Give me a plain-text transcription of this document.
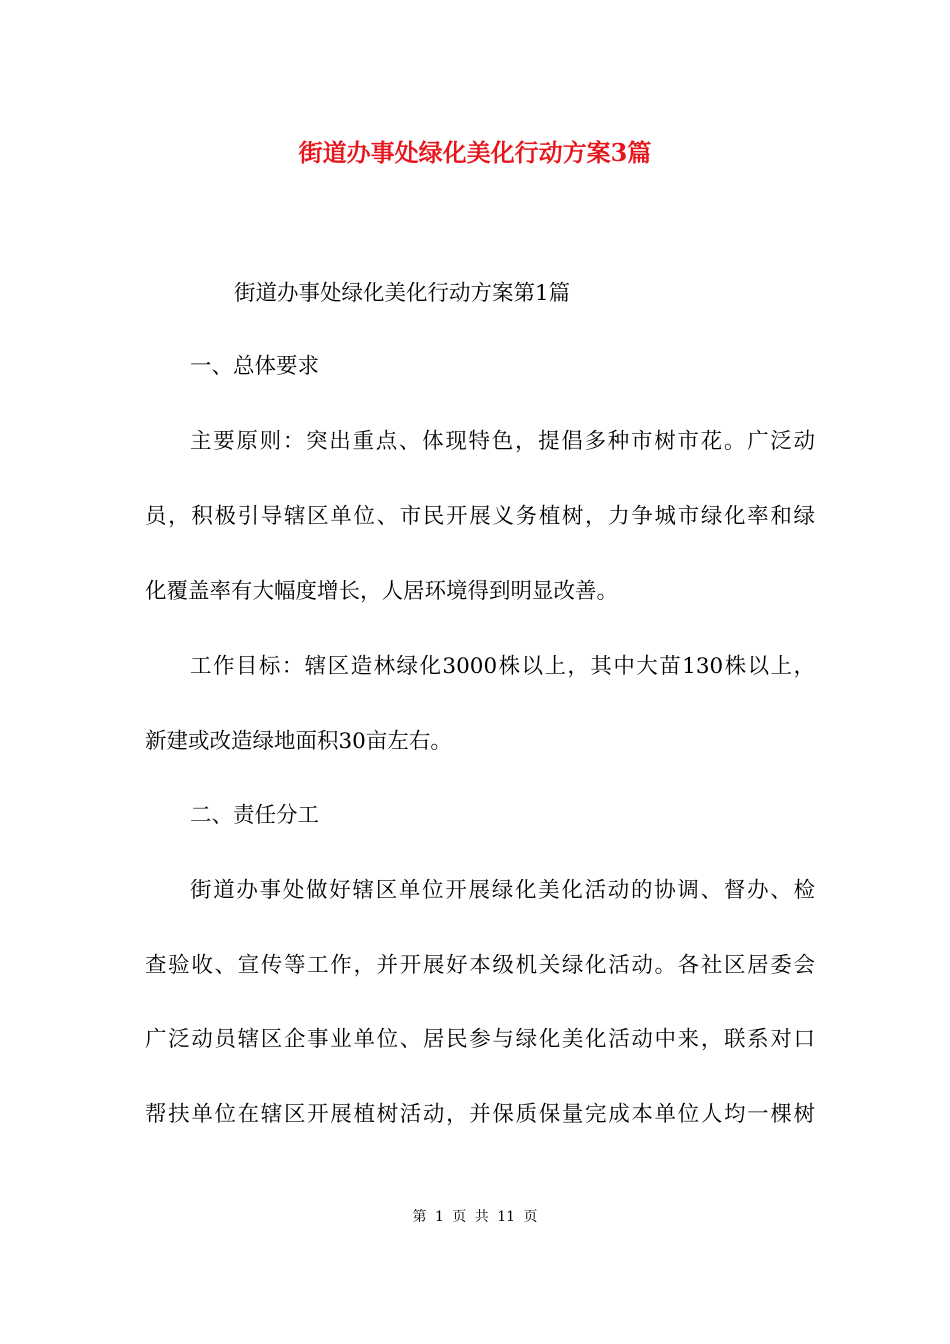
街道办事处绿化美化行动方案3篇
街道办事处绿化美化行动方案第1篇
一、总体要求
主要原则：突出重点、体现特色，提倡多种市树市花。广泛动
员，积极引导辖区单位、市民开展义务植树，力争城市绿化率和绿
化覆盖率有大幅度增长，人居环境得到明显改善。
工作目标：辖区造林绿化3000株以上，其中大苗130株以上，
新建或改造绿地面积30亩左右。
二、责任分工
街道办事处做好辖区单位开展绿化美化活动的协调、督办、检
查验收、宣传等工作，并开展好本级机关绿化活动。各社区居委会
广泛动员辖区企事业单位、居民参与绿化美化活动中来，联系对口
帮扶单位在辖区开展植树活动，并保质保量完成本单位人均一棵树
第 1 页 共 11 页
